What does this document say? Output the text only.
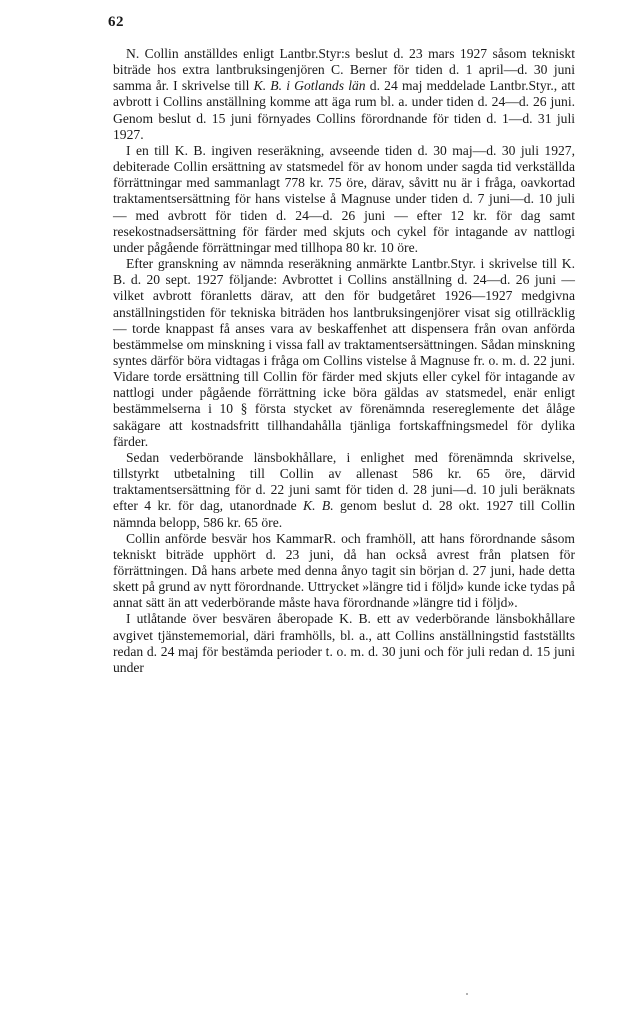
62

N. Collin anställdes enligt Lantbr.Styr:s beslut d. 23 mars 1927 såsom tekniskt biträde hos extra lantbruksingenjören C. Berner för tiden d. 1 april—d. 30 juni samma år. I skrivelse till K. B. i Gotlands län d. 24 maj meddelade Lantbr.Styr., att avbrott i Collins anställning komme att äga rum bl. a. under tiden d. 24—d. 26 juni. Genom beslut d. 15 juni förnyades Collins förordnande för tiden d. 1—d. 31 juli 1927.

I en till K. B. ingiven reseräkning, avseende tiden d. 30 maj—d. 30 juli 1927, debiterade Collin ersättning av statsmedel för av honom under sagda tid verkställda förrättningar med sammanlagt 778 kr. 75 öre, därav, såvitt nu är i fråga, oavkortad traktamentsersättning för hans vistelse å Magnuse under tiden d. 7 juni—d. 10 juli — med avbrott för tiden d. 24—d. 26 juni — efter 12 kr. för dag samt resekostnadsersättning för färder med skjuts och cykel för intagande av nattlogi under pågående förrättningar med tillhopa 80 kr. 10 öre.

Efter granskning av nämnda reseräkning anmärkte Lantbr.Styr. i skrivelse till K. B. d. 20 sept. 1927 följande: Avbrottet i Collins anställning d. 24—d. 26 juni — vilket avbrott föranletts därav, att den för budgetåret 1926—1927 medgivna anställningstiden för tekniska biträden hos lantbruksingenjörer visat sig otillräcklig — torde knappast få anses vara av beskaffenhet att dispensera från ovan anförda bestämmelse om minskning i vissa fall av traktamentsersättningen. Sådan minskning syntes därför böra vidtagas i fråga om Collins vistelse å Magnuse fr. o. m. d. 22 juni. Vidare torde ersättning till Collin för färder med skjuts eller cykel för intagande av nattlogi under pågående förrättning icke böra gäldas av statsmedel, enär enligt bestämmelserna i 10 § första stycket av förenämnda resereglemente det ålåge sakägare att kostnadsfritt tillhandahålla tjänliga fortskaffningsmedel för dylika färder.

Sedan vederbörande länsbokhållare, i enlighet med förenämnda skrivelse, tillstyrkt utbetalning till Collin av allenast 586 kr. 65 öre, därvid traktamentsersättning för d. 22 juni samt för tiden d. 28 juni—d. 10 juli beräknats efter 4 kr. för dag, utanordnade K. B. genom beslut d. 28 okt. 1927 till Collin nämnda belopp, 586 kr. 65 öre.

Collin anförde besvär hos KammarR. och framhöll, att hans förordnande såsom tekniskt biträde upphört d. 23 juni, då han också avrest från platsen för förrättningen. Då hans arbete med denna ånyo tagit sin början d. 27 juni, hade detta skett på grund av nytt förordnande. Uttrycket »längre tid i följd» kunde icke tydas på annat sätt än att vederbörande måste hava förordnande »längre tid i följd».

I utlåtande över besvären åberopade K. B. ett av vederbörande länsbokhållare avgivet tjänstememorial, däri framhölls, bl. a., att Collins anställningstid fastställts redan d. 24 maj för bestämda perioder t. o. m. d. 30 juni och för juli redan d. 15 juni under
